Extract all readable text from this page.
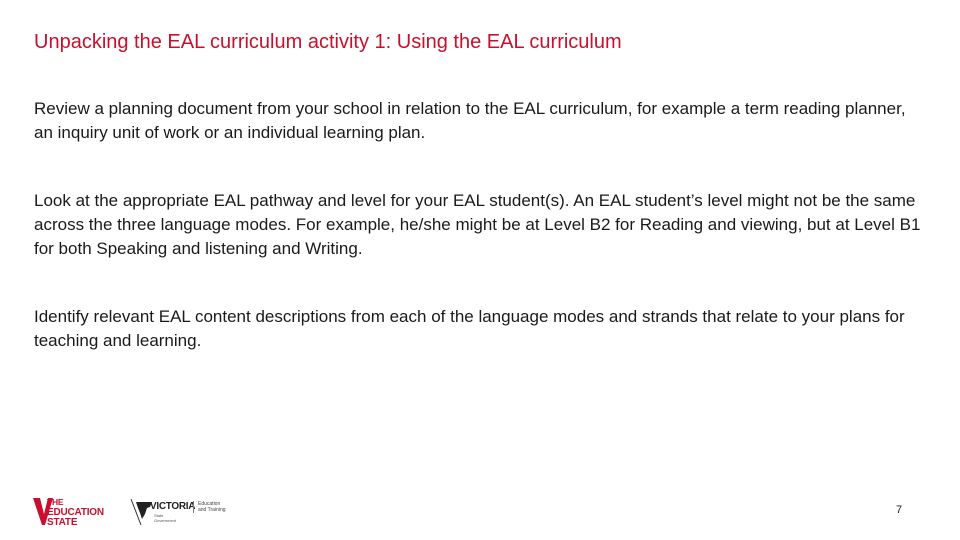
Unpacking the EAL curriculum activity 1: Using the EAL curriculum

Review a planning document from your school in relation to the EAL curriculum, for example a term reading planner, an inquiry unit of work or an individual learning plan.

Look at the appropriate EAL pathway and level for your EAL student(s). An EAL student’s level might not be the same across the three language modes. For example, he/she might be at Level B2 for Reading and viewing, but at Level B1 for both Speaking and listening and Writing.

Identify relevant EAL content descriptions from each of the language modes and strands that relate to your plans for teaching and learning.

THE
EDUCATION
STATE
VICTORIA
State
Government
Education
and Training	7
